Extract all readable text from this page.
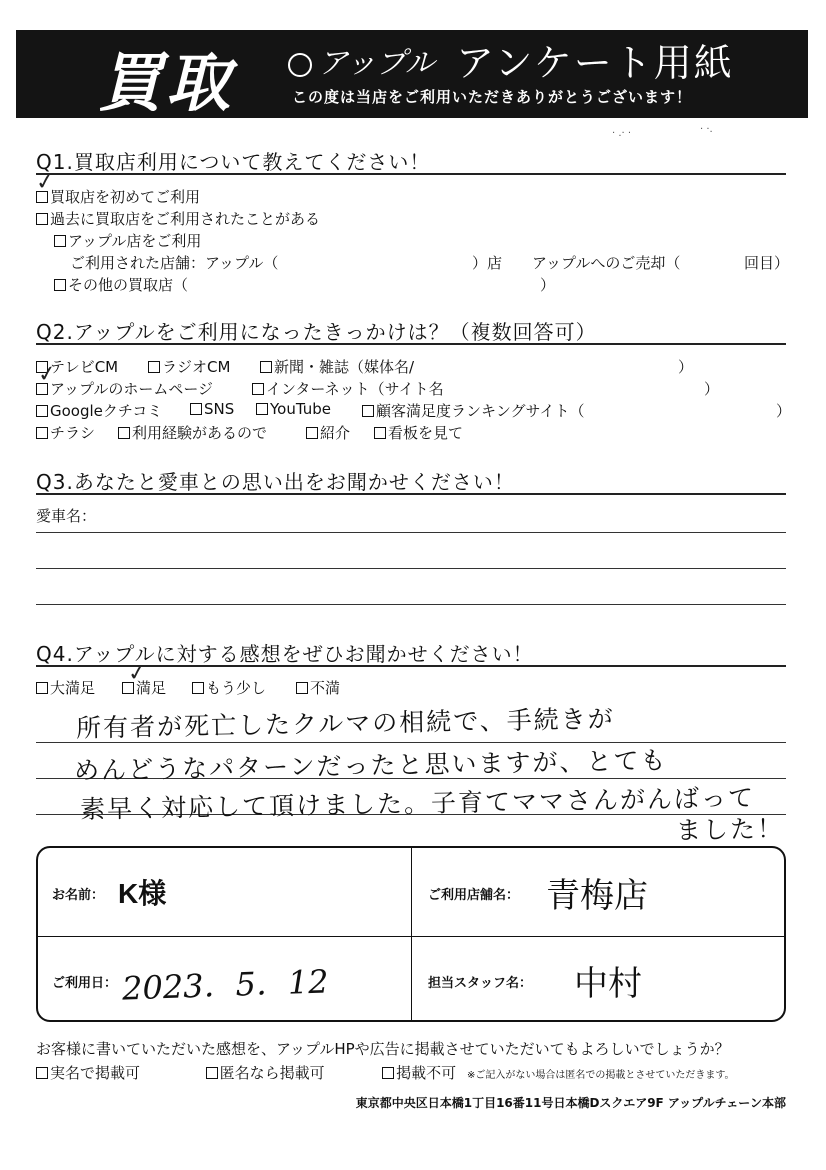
買取	アップル アンケート用紙
この度は当店をご利用いただきありがとうございます！
· .· ·	· ·.
Q1.買取店利用について教えてください！
買取店を初めてご利用
✓
過去に買取店をご利用されたことがある
アップル店をご利用
ご利用された店舗：アップル（	）店 アップルへのご売却（	回目）
その他の買取店（	）
Q2.アップルをご利用になったきっかけは？（複数回答可）
テレビCM	ラジオCM	新聞・雑誌（媒体名/	）
アップルのホームページ
✓
インターネット（サイト名	）
Googleクチコミ	SNS	YouTube	顧客満足度ランキングサイト（	）
チラシ	利用経験があるので	紹介	看板を見て
Q3.あなたと愛車との思い出をお聞かせください！
愛車名：
Q4.アップルに対する感想をぜひお聞かせください！
大満足	満足
✓
もう少し	不満
所有者が死亡したクルマの相続で、手続きが
めんどうなパターンだったと思いますが、とても
素早く対応して頂けました。子育てママさんがんばって
ました！
お名前： K様	ご利用店舗名： 青梅店
ご利用日： 2023．5．12	担当スタッフ名： 中村
お客様に書いていただいた感想を、アップルHPや広告に掲載させていただいてもよろしいでしょうか？
実名で掲載可	匿名なら掲載可	掲載不可 ※ご記入がない場合は匿名での掲載とさせていただきます。
東京都中央区日本橋1丁目16番11号日本橋Dスクエア9F アップルチェーン本部
